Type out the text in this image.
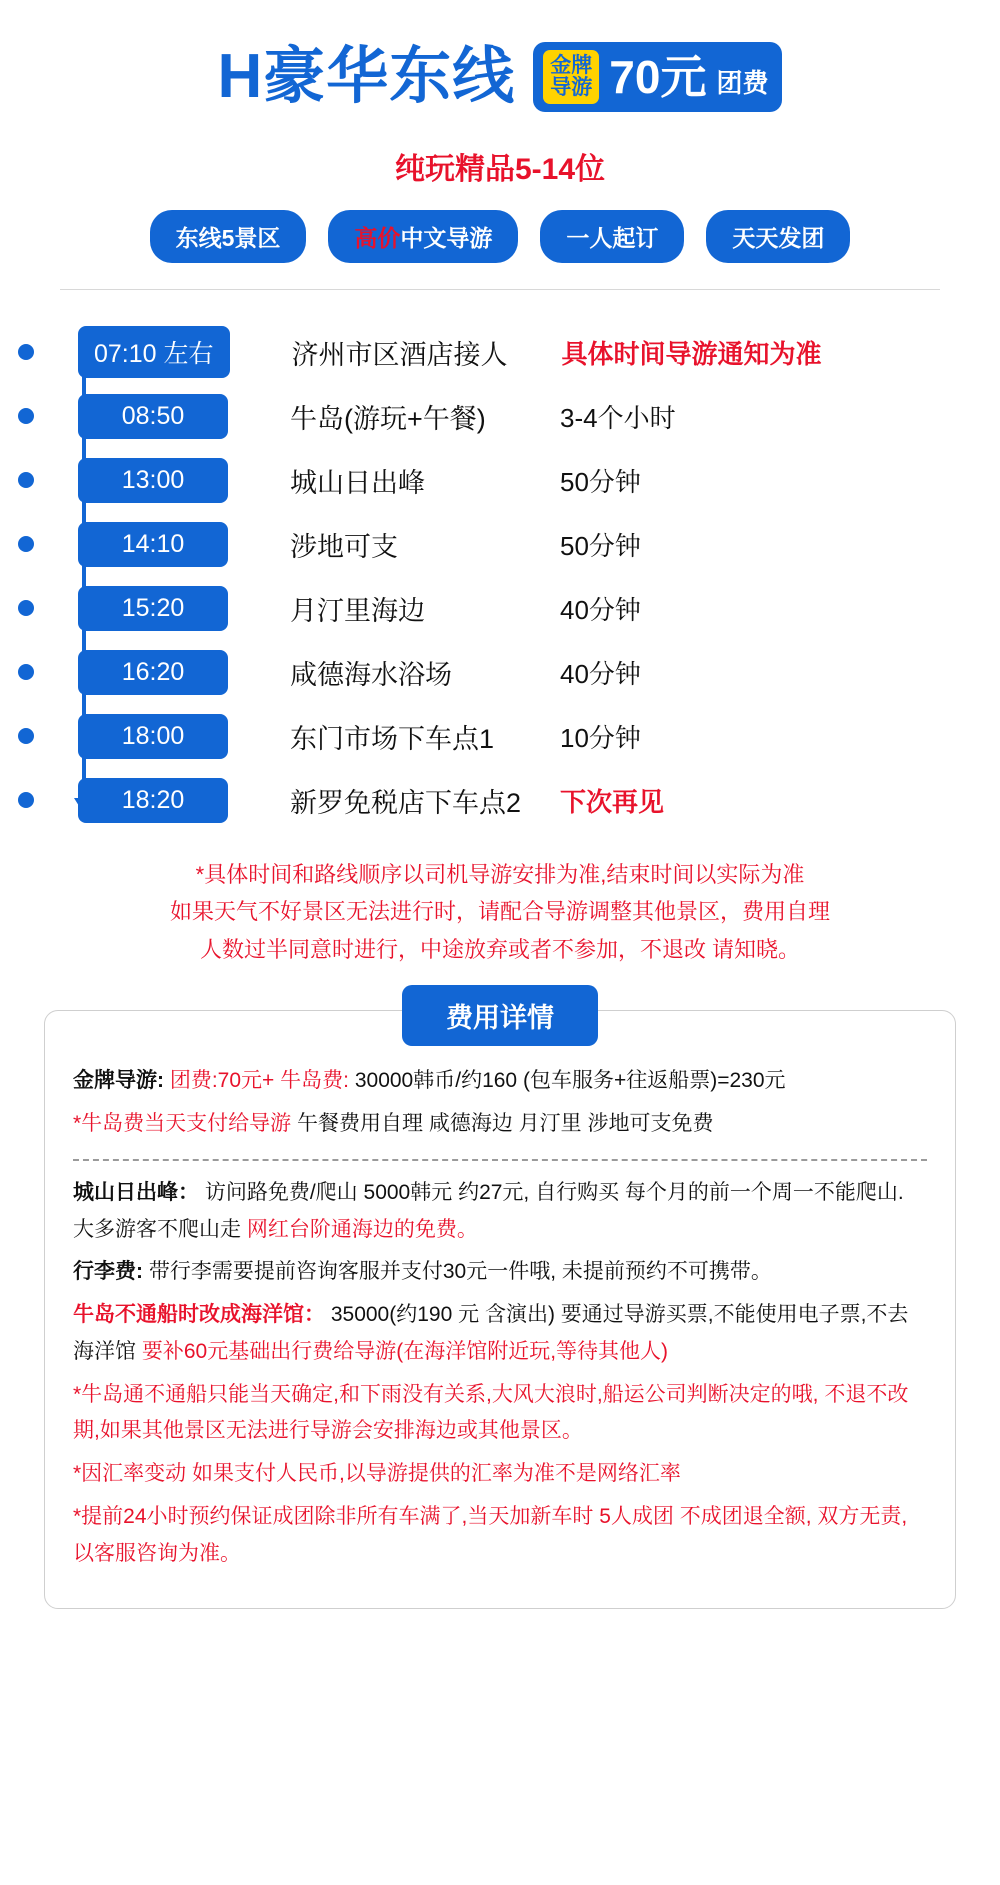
H豪华东线 金牌
导游 70元 团费
纯玩精品5-14位
东线5景区	高价中文导游	一人起订	天天发团
07:10 左右	济州市区酒店接人	具体时间导游通知为准
08:50	牛岛(游玩+午餐)	3-4个小时
13:00	城山日出峰	50分钟
14:10	涉地可支	50分钟
15:20	月汀里海边	40分钟
16:20	咸德海水浴场	40分钟
18:00	东门市场下车点1	10分钟
18:20	新罗免税店下车点2	下次再见
*具体时间和路线顺序以司机导游安排为准,结束时间以实际为准
如果天气不好景区无法进行时，请配合导游调整其他景区，费用自理
人数过半同意时进行，中途放弃或者不参加，不退改 请知晓。
费用详情
金牌导游: 团费:70元+ 牛岛费: 30000韩币/约160 (包车服务+往返船票)=230元
*牛岛费当天支付给导游 午餐费用自理 咸德海边 月汀里 涉地可支免费
城山日出峰： 访问路免费/爬山 5000韩元 约27元, 自行购买 每个月的前一个周一不能爬山. 大多游客不爬山走 网红台阶通海边的免费。
行李费: 带行李需要提前咨询客服并支付30元一件哦, 未提前预约不可携带。
牛岛不通船时改成海洋馆： 35000(约190 元 含演出) 要通过导游买票,不能使用电子票,不去海洋馆 要补60元基础出行费给导游(在海洋馆附近玩,等待其他人)
*牛岛通不通船只能当天确定,和下雨没有关系,大风大浪时,船运公司判断决定的哦, 不退不改期,如果其他景区无法进行导游会安排海边或其他景区。
*因汇率变动 如果支付人民币,以导游提供的汇率为准不是网络汇率
*提前24小时预约保证成团除非所有车满了,当天加新车时 5人成团 不成团退全额, 双方无责,以客服咨询为准。
